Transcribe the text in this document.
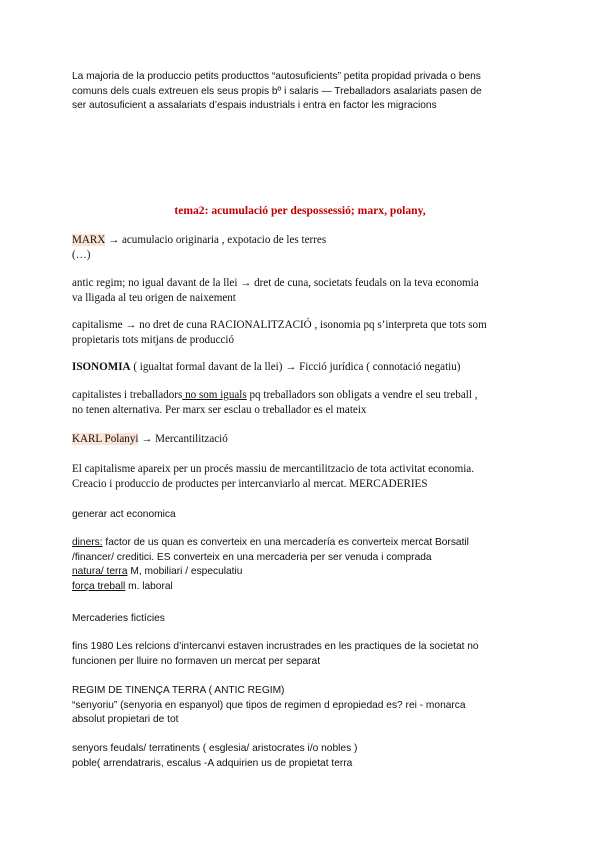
La majoria de la produccio petits producttos “autosuficients” petita propidad privada o bens
comuns dels cuals extreuen els seus propis bº i salaris — Treballadors asalariats pasen de
ser autosuficient a assalariats d’espais industrials i entra en factor les migracions
tema2: acumulació per despossessió; marx, polany,
MARX → acumulacio originaria , expotacio de les terres
(…)
antic regim; no igual davant de la llei → dret de cuna, societats feudals on la teva economia
va lligada al teu origen de naixement
capitalisme → no dret de cuna RACIONALITZACIÓ , isonomia pq s’interpreta que tots som
propietaris tots mitjans de producció
ISONOMIA ( igualtat formal davant de la llei) → Ficció jurídica ( connotació negatiu)
capitalistes i treballadors no som iguals pq treballadors son obligats a vendre el seu treball ,
no tenen alternativa. Per marx ser esclau o treballador es el mateix
KARL Polanyi → Mercantilització
El capitalisme apareix per un procés massiu de mercantilitzacio de tota activitat economia.
Creacio i produccio de productes per intercanviarlo al mercat. MERCADERIES
generar act economica
diners: factor de us quan es converteix en una mercadería es converteix mercat Borsatil
/financer/ creditici. ES converteix en una mercaderia per ser venuda i comprada
natura/ terra M, mobiliari / especulatiu
força treball m. laboral
Mercaderies fictícies
fins 1980 Les relcions d’intercanvi estaven incrustrades en les practiques de la societat no
funcionen per lluire no formaven un mercat per separat
REGIM DE TINENÇA TERRA ( ANTIC REGIM)
“senyoriu” (senyoria en espanyol) que tipos de regimen d epropiedad es? rei - monarca
absolut propietari de tot
senyors feudals/ terratinents ( esglesia/ aristocrates i/o nobles )
poble( arrendatraris, escalus -A adquirien us de propietat terra
